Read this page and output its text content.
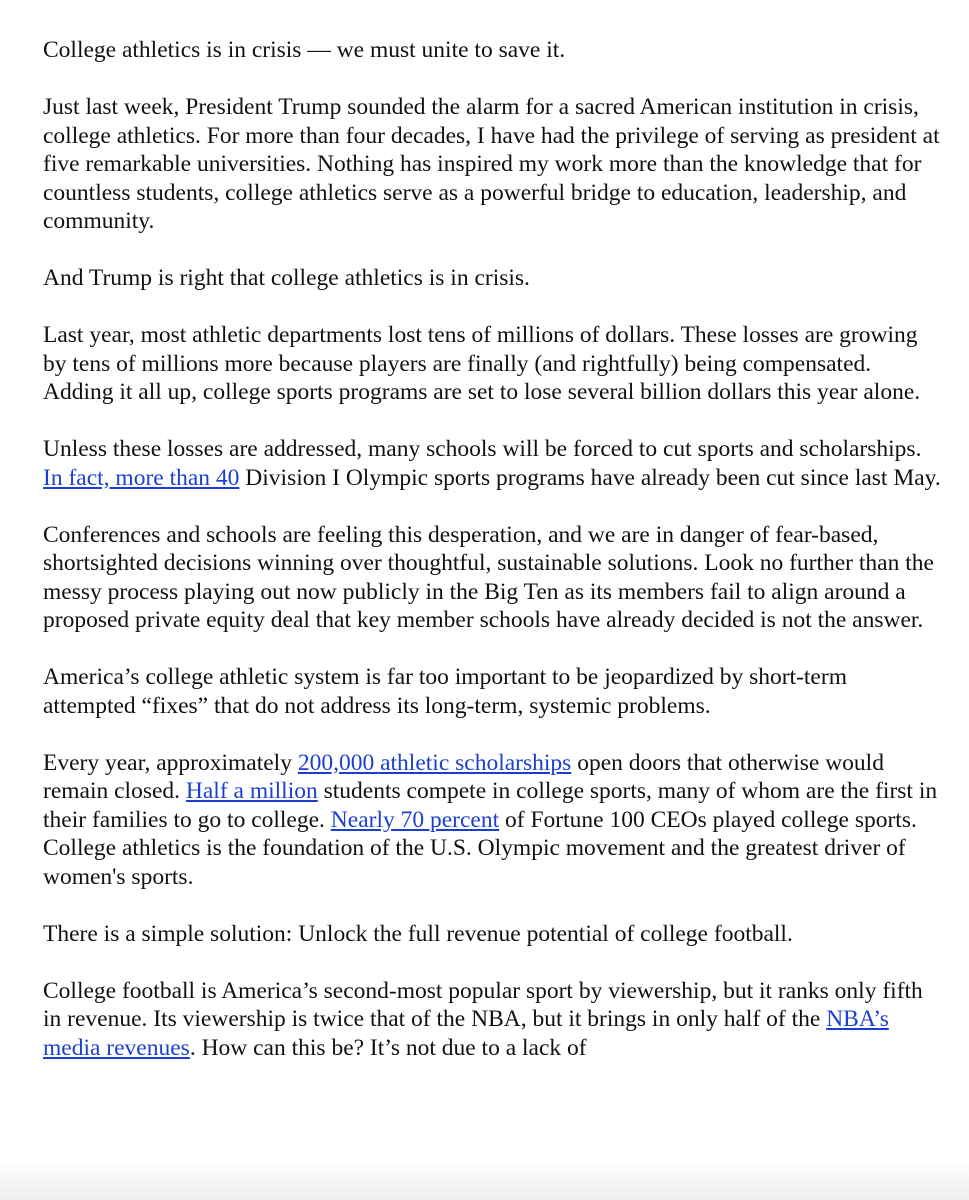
College athletics is in crisis — we must unite to save it.

Just last week, President Trump sounded the alarm for a sacred American institution in crisis, college athletics. For more than four decades, I have had the privilege of serving as president at five remarkable universities. Nothing has inspired my work more than the knowledge that for countless students, college athletics serve as a powerful bridge to education, leadership, and community.

And Trump is right that college athletics is in crisis.

Last year, most athletic departments lost tens of millions of dollars. These losses are growing by tens of millions more because players are finally (and rightfully) being compensated. Adding it all up, college sports programs are set to lose several billion dollars this year alone.

Unless these losses are addressed, many schools will be forced to cut sports and scholarships. In fact, more than 40 Division I Olympic sports programs have already been cut since last May.

Conferences and schools are feeling this desperation, and we are in danger of fear-based, shortsighted decisions winning over thoughtful, sustainable solutions. Look no further than the messy process playing out now publicly in the Big Ten as its members fail to align around a proposed private equity deal that key member schools have already decided is not the answer.

America’s college athletic system is far too important to be jeopardized by short-term attempted “fixes” that do not address its long-term, systemic problems.

Every year, approximately 200,000 athletic scholarships open doors that otherwise would remain closed. Half a million students compete in college sports, many of whom are the first in their families to go to college. Nearly 70 percent of Fortune 100 CEOs played college sports. College athletics is the foundation of the U.S. Olympic movement and the greatest driver of women's sports.

There is a simple solution: Unlock the full revenue potential of college football.

College football is America’s second-most popular sport by viewership, but it ranks only fifth in revenue. Its viewership is twice that of the NBA, but it brings in only half of the NBA’s media revenues. How can this be? It’s not due to a lack of
